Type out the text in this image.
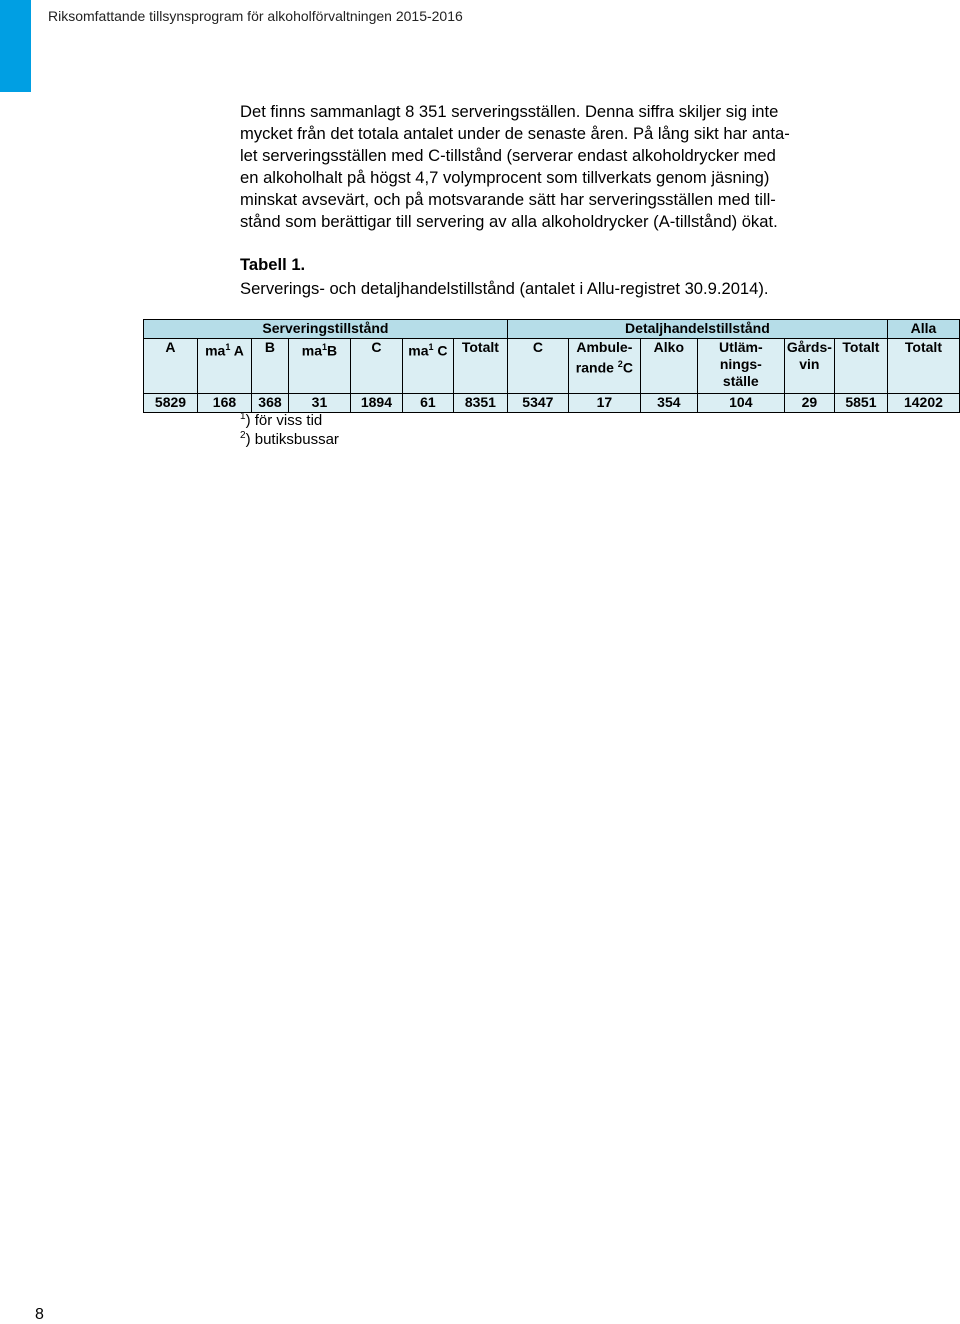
Riksomfattande tillsynsprogram för alkoholförvaltningen 2015-2016

Det finns sammanlagt 8 351 serveringsställen. Denna siffra skiljer sig inte
mycket från det totala antalet under de senaste åren. På lång sikt har anta-
let serveringsställen med C-tillstånd (serverar endast alkoholdrycker med
en alkoholhalt på högst 4,7 volymprocent som tillverkats genom jäsning)
minskat avsevärt, och på motsvarande sätt har serveringsställen med till-
stånd som berättigar till servering av alla alkoholdrycker (A-tillstånd) ökat.

Tabell 1.
Serverings- och detaljhandelstillstånd (antalet i Allu-registret 30.9.2014).
Serveringstillstånd							Detaljhandelstillstånd						Alla
A	$ma^1$ A	B	$ma^1B$	C	$ma^1$ C	Totalt	C	Ambule-
rande $^2$C	Alko	Utläm-
nings-
ställe	Gårds-
vin	Totalt	Totalt
5829	168	368	31	1894	61	8351	5347	17	354	104	29	5851	14202
$^1$) för viss tid
$^2$) butiksbussar
8
